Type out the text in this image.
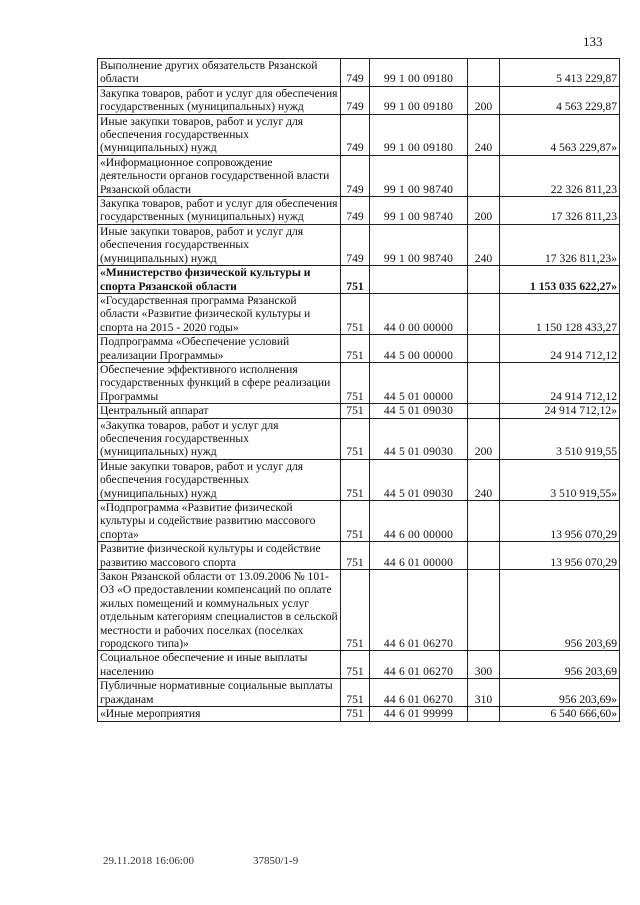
133
Выполнение других обязательств Рязанской области	749	99 1 00 09180		5 413 229,87
Закупка товаров, работ и услуг для обеспечения государственных (муниципальных) нужд	749	99 1 00 09180	200	4 563 229,87
Иные закупки товаров, работ и услуг для обеспечения государственных (муниципальных) нужд	749	99 1 00 09180	240	4 563 229,87»
«Информационное сопровождение деятельности органов государственной власти Рязанской области	749	99 1 00 98740		22 326 811,23
Закупка товаров, работ и услуг для обеспечения государственных (муниципальных) нужд	749	99 1 00 98740	200	17 326 811,23
Иные закупки товаров, работ и услуг для обеспечения государственных (муниципальных) нужд	749	99 1 00 98740	240	17 326 811,23»
«Министерство физической культуры и спорта Рязанской области	751			1 153 035 622,27»
«Государственная программа Рязанской области «Развитие физической культуры и спорта на 2015 - 2020 годы»	751	44 0 00 00000		1 150 128 433,27
Подпрограмма «Обеспечение условий реализации Программы»	751	44 5 00 00000		24 914 712,12
Обеспечение эффективного исполнения государственных функций в сфере реализации Программы	751	44 5 01 00000		24 914 712,12
Центральный аппарат	751	44 5 01 09030		24 914 712,12»
«Закупка товаров, работ и услуг для обеспечения государственных (муниципальных) нужд	751	44 5 01 09030	200	3 510 919,55
Иные закупки товаров, работ и услуг для обеспечения государственных (муниципальных) нужд	751	44 5 01 09030	240	3 510 919,55»
«Подпрограмма «Развитие физической культуры и содействие развитию массового спорта»	751	44 6 00 00000		13 956 070,29
Развитие физической культуры и содействие развитию массового спорта	751	44 6 01 00000		13 956 070,29
Закон Рязанской области от 13.09.2006 № 101-ОЗ «О предоставлении компенсаций по оплате жилых помещений и коммунальных услуг отдельным категориям специалистов в сельской местности и рабочих поселках (поселках городского типа)»	751	44 6 01 06270		956 203,69
Социальное обеспечение и иные выплаты населению	751	44 6 01 06270	300	956 203,69
Публичные нормативные социальные выплаты гражданам	751	44 6 01 06270	310	956 203,69»
«Иные мероприятия	751	44 6 01 99999		6 540 666,60»
29.11.2018 16:06:00	37850/1-9
